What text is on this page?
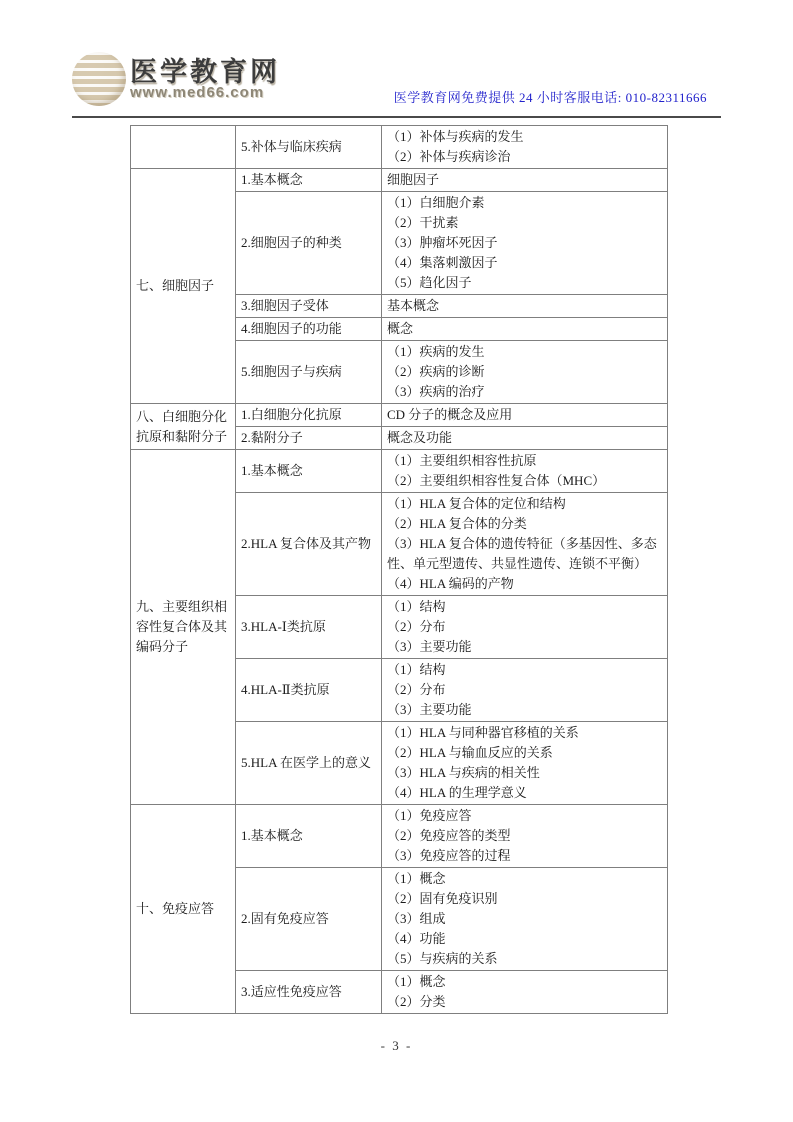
医学教育网
www.med66.com	医学教育网免费提供 24 小时客服电话: 010-82311666
	5.补体与临床疾病	（1）补体与疾病的发生
（2）补体与疾病诊治

七、细胞因子	1.基本概念	细胞因子

	2.细胞因子的种类	（1）白细胞介素
（2）干扰素
（3）肿瘤坏死因子
（4）集落刺激因子
（5）趋化因子

	3.细胞因子受体	基本概念

	4.细胞因子的功能	概念

	5.细胞因子与疾病	（1）疾病的发生
（2）疾病的诊断
（3）疾病的治疗

八、白细胞分化抗原和黏附分子	1.白细胞分化抗原	CD 分子的概念及应用

	2.黏附分子	概念及功能

九、主要组织相容性复合体及其编码分子	1.基本概念	（1）主要组织相容性抗原
（2）主要组织相容性复合体（MHC）

	2.HLA 复合体及其产物	（1）HLA 复合体的定位和结构
（2）HLA 复合体的分类
（3）HLA 复合体的遗传特征（多基因性、多态性、单元型遗传、共显性遗传、连锁不平衡）
（4）HLA 编码的产物

	3.HLA-Ⅰ类抗原	（1）结构
（2）分布
（3）主要功能

	4.HLA-Ⅱ类抗原	（1）结构
（2）分布
（3）主要功能

	5.HLA 在医学上的意义	（1）HLA 与同种器官移植的关系
（2）HLA 与输血反应的关系
（3）HLA 与疾病的相关性
（4）HLA 的生理学意义

十、免疫应答	1.基本概念	（1）免疫应答
（2）免疫应答的类型
（3）免疫应答的过程

	2.固有免疫应答	（1）概念
（2）固有免疫识别
（3）组成
（4）功能
（5）与疾病的关系

	3.适应性免疫应答	（1）概念
（2）分类
- 3 -
